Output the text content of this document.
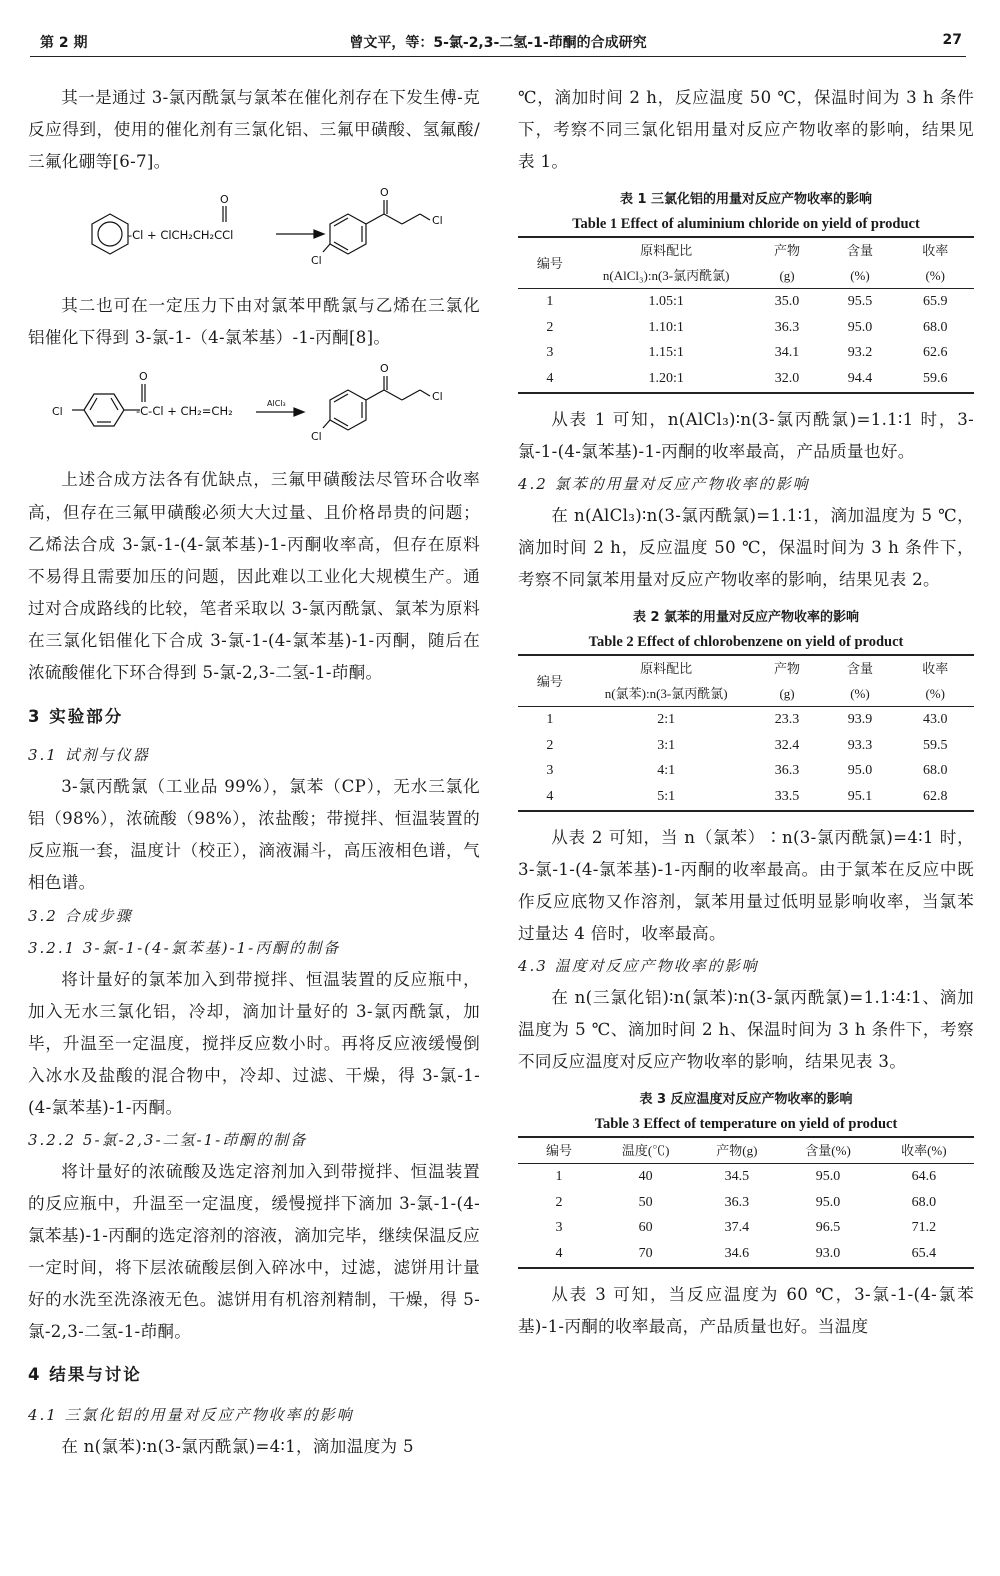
第 2 期	曾文平，等：5-氯-2,3-二氢-1-茚酮的合成研究	27

其一是通过 3-氯丙酰氯与氯苯在催化剂存在下发生傅-克反应得到，使用的催化剂有三氯化铝、三氟甲磺酸、氢氟酸/三氟化硼等[6-7]。

-Cl + ClCH₂CH₂CCl
O
O
Cl
Cl

其二也可在一定压力下由对氯苯甲酰氯与乙烯在三氯化铝催化下得到 3-氯-1-（4-氯苯基）-1-丙酮[8]。

Cl
O
-C-Cl + CH₂=CH₂
AlCl₃
O
Cl
Cl

上述合成方法各有优缺点，三氟甲磺酸法尽管环合收率高，但存在三氟甲磺酸必须大大过量、且价格昂贵的问题；乙烯法合成 3-氯-1-(4-氯苯基)-1-丙酮收率高，但存在原料不易得且需要加压的问题，因此难以工业化大规模生产。通过对合成路线的比较，笔者采取以 3-氯丙酰氯、氯苯为原料在三氯化铝催化下合成 3-氯-1-(4-氯苯基)-1-丙酮，随后在浓硫酸催化下环合得到 5-氯-2,3-二氢-1-茚酮。

3 实验部分
3.1 试剂与仪器

3-氯丙酰氯（工业品 99%），氯苯（CP），无水三氯化铝（98%），浓硫酸（98%），浓盐酸；带搅拌、恒温装置的反应瓶一套，温度计（校正），滴液漏斗，高压液相色谱，气相色谱。

3.2 合成步骤
3.2.1 3-氯-1-(4-氯苯基)-1-丙酮的制备

将计量好的氯苯加入到带搅拌、恒温装置的反应瓶中，加入无水三氯化铝，冷却，滴加计量好的 3-氯丙酰氯，加毕，升温至一定温度，搅拌反应数小时。再将反应液缓慢倒入冰水及盐酸的混合物中，冷却、过滤、干燥，得 3-氯-1-(4-氯苯基)-1-丙酮。

3.2.2 5-氯-2,3-二氢-1-茚酮的制备

将计量好的浓硫酸及选定溶剂加入到带搅拌、恒温装置的反应瓶中，升温至一定温度，缓慢搅拌下滴加 3-氯-1-(4-氯苯基)-1-丙酮的选定溶剂的溶液，滴加完毕，继续保温反应一定时间，将下层浓硫酸层倒入碎冰中，过滤，滤饼用计量好的水洗至洗涤液无色。滤饼用有机溶剂精制，干燥，得 5-氯-2,3-二氢-1-茚酮。

4 结果与讨论
4.1 三氯化铝的用量对反应产物收率的影响

在 n(氯苯)∶n(3-氯丙酰氯)=4∶1，滴加温度为 5

℃，滴加时间 2 h，反应温度 50 ℃，保温时间为 3 h 条件下，考察不同三氯化铝用量对反应产物收率的影响，结果见表 1。

表 1 三氯化铝的用量对反应产物收率的影响
Table 1 Effect of aluminium chloride on yield of product
编号	原料配比	产物	含量	收率
	n(AlCl₃):n(3-氯丙酰氯)	(g)	(%)	(%)
1	1.05:1	35.0	95.5	65.9
2	1.10:1	36.3	95.0	68.0
3	1.15:1	34.1	93.2	62.6
4	1.20:1	32.0	94.4	59.6

从表 1 可知，n(AlCl₃)∶n(3-氯丙酰氯)=1.1∶1 时，3-氯-1-(4-氯苯基)-1-丙酮的收率最高，产品质量也好。

4.2 氯苯的用量对反应产物收率的影响

在 n(AlCl₃)∶n(3-氯丙酰氯)=1.1∶1，滴加温度为 5 ℃，滴加时间 2 h，反应温度 50 ℃，保温时间为 3 h 条件下，考察不同氯苯用量对反应产物收率的影响，结果见表 2。

表 2 氯苯的用量对反应产物收率的影响
Table 2 Effect of chlorobenzene on yield of product
编号	原料配比	产物	含量	收率
	n(氯苯):n(3-氯丙酰氯)	(g)	(%)	(%)
1	2:1	23.3	93.9	43.0
2	3:1	32.4	93.3	59.5
3	4:1	36.3	95.0	68.0
4	5:1	33.5	95.1	62.8

从表 2 可知，当 n（氯苯）∶n(3-氯丙酰氯)=4∶1 时，3-氯-1-(4-氯苯基)-1-丙酮的收率最高。由于氯苯在反应中既作反应底物又作溶剂，氯苯用量过低明显影响收率，当氯苯过量达 4 倍时，收率最高。

4.3 温度对反应产物收率的影响

在 n(三氯化铝)∶n(氯苯)∶n(3-氯丙酰氯)=1.1∶4∶1、滴加温度为 5 ℃、滴加时间 2 h、保温时间为 3 h 条件下，考察不同反应温度对反应产物收率的影响，结果见表 3。

表 3 反应温度对反应产物收率的影响
Table 3 Effect of temperature on yield of product
编号	温度(℃)	产物(g)	含量(%)	收率(%)
1	40	34.5	95.0	64.6
2	50	36.3	95.0	68.0
3	60	37.4	96.5	71.2
4	70	34.6	93.0	65.4

从表 3 可知，当反应温度为 60 ℃，3-氯-1-(4-氯苯基)-1-丙酮的收率最高，产品质量也好。当温度
